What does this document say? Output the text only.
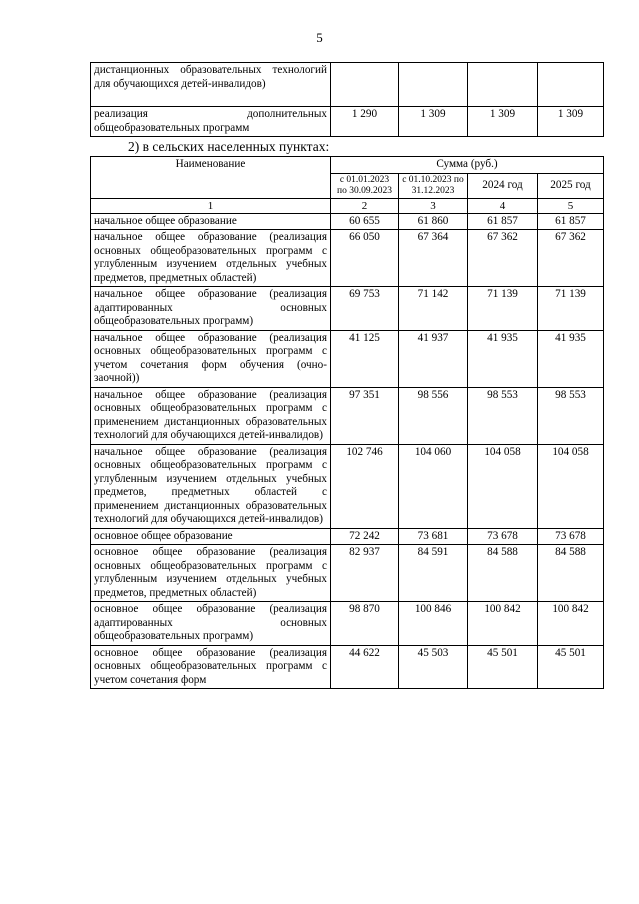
5
дистанционных образовательных технологий для обучающихся детей-инвалидов)				
реализация дополнительных общеобразовательных программ	1 290	1 309	1 309	1 309
2) в сельских населенных пунктах:
Наименование	Сумма (руб.)			
	с 01.01.2023 по 30.09.2023	с 01.10.2023 по 31.12.2023	2024 год	2025 год
1	2	3	4	5
начальное общее образование	60 655	61 860	61 857	61 857
начальное общее образование (реализация основных общеобразовательных программ с углубленным изучением отдельных учебных предметов, предметных областей)	66 050	67 364	67 362	67 362
начальное общее образование (реализация адаптированных основных общеобразовательных программ)	69 753	71 142	71 139	71 139
начальное общее образование (реализация основных общеобразовательных программ с учетом сочетания форм обучения (очно-заочной))	41 125	41 937	41 935	41 935
начальное общее образование (реализация основных общеобразовательных программ с применением дистанционных образовательных технологий для обучающихся детей-инвалидов)	97 351	98 556	98 553	98 553
начальное общее образование (реализация основных общеобразовательных программ с углубленным изучением отдельных учебных предметов, предметных областей с применением дистанционных образовательных технологий для обучающихся детей-инвалидов)	102 746	104 060	104 058	104 058
основное общее образование	72 242	73 681	73 678	73 678
основное общее образование (реализация основных общеобразовательных программ с углубленным изучением отдельных учебных предметов, предметных областей)	82 937	84 591	84 588	84 588
основное общее образование (реализация адаптированных основных общеобразовательных программ)	98 870	100 846	100 842	100 842
основное общее образование (реализация основных общеобразовательных программ с учетом сочетания форм	44 622	45 503	45 501	45 501
